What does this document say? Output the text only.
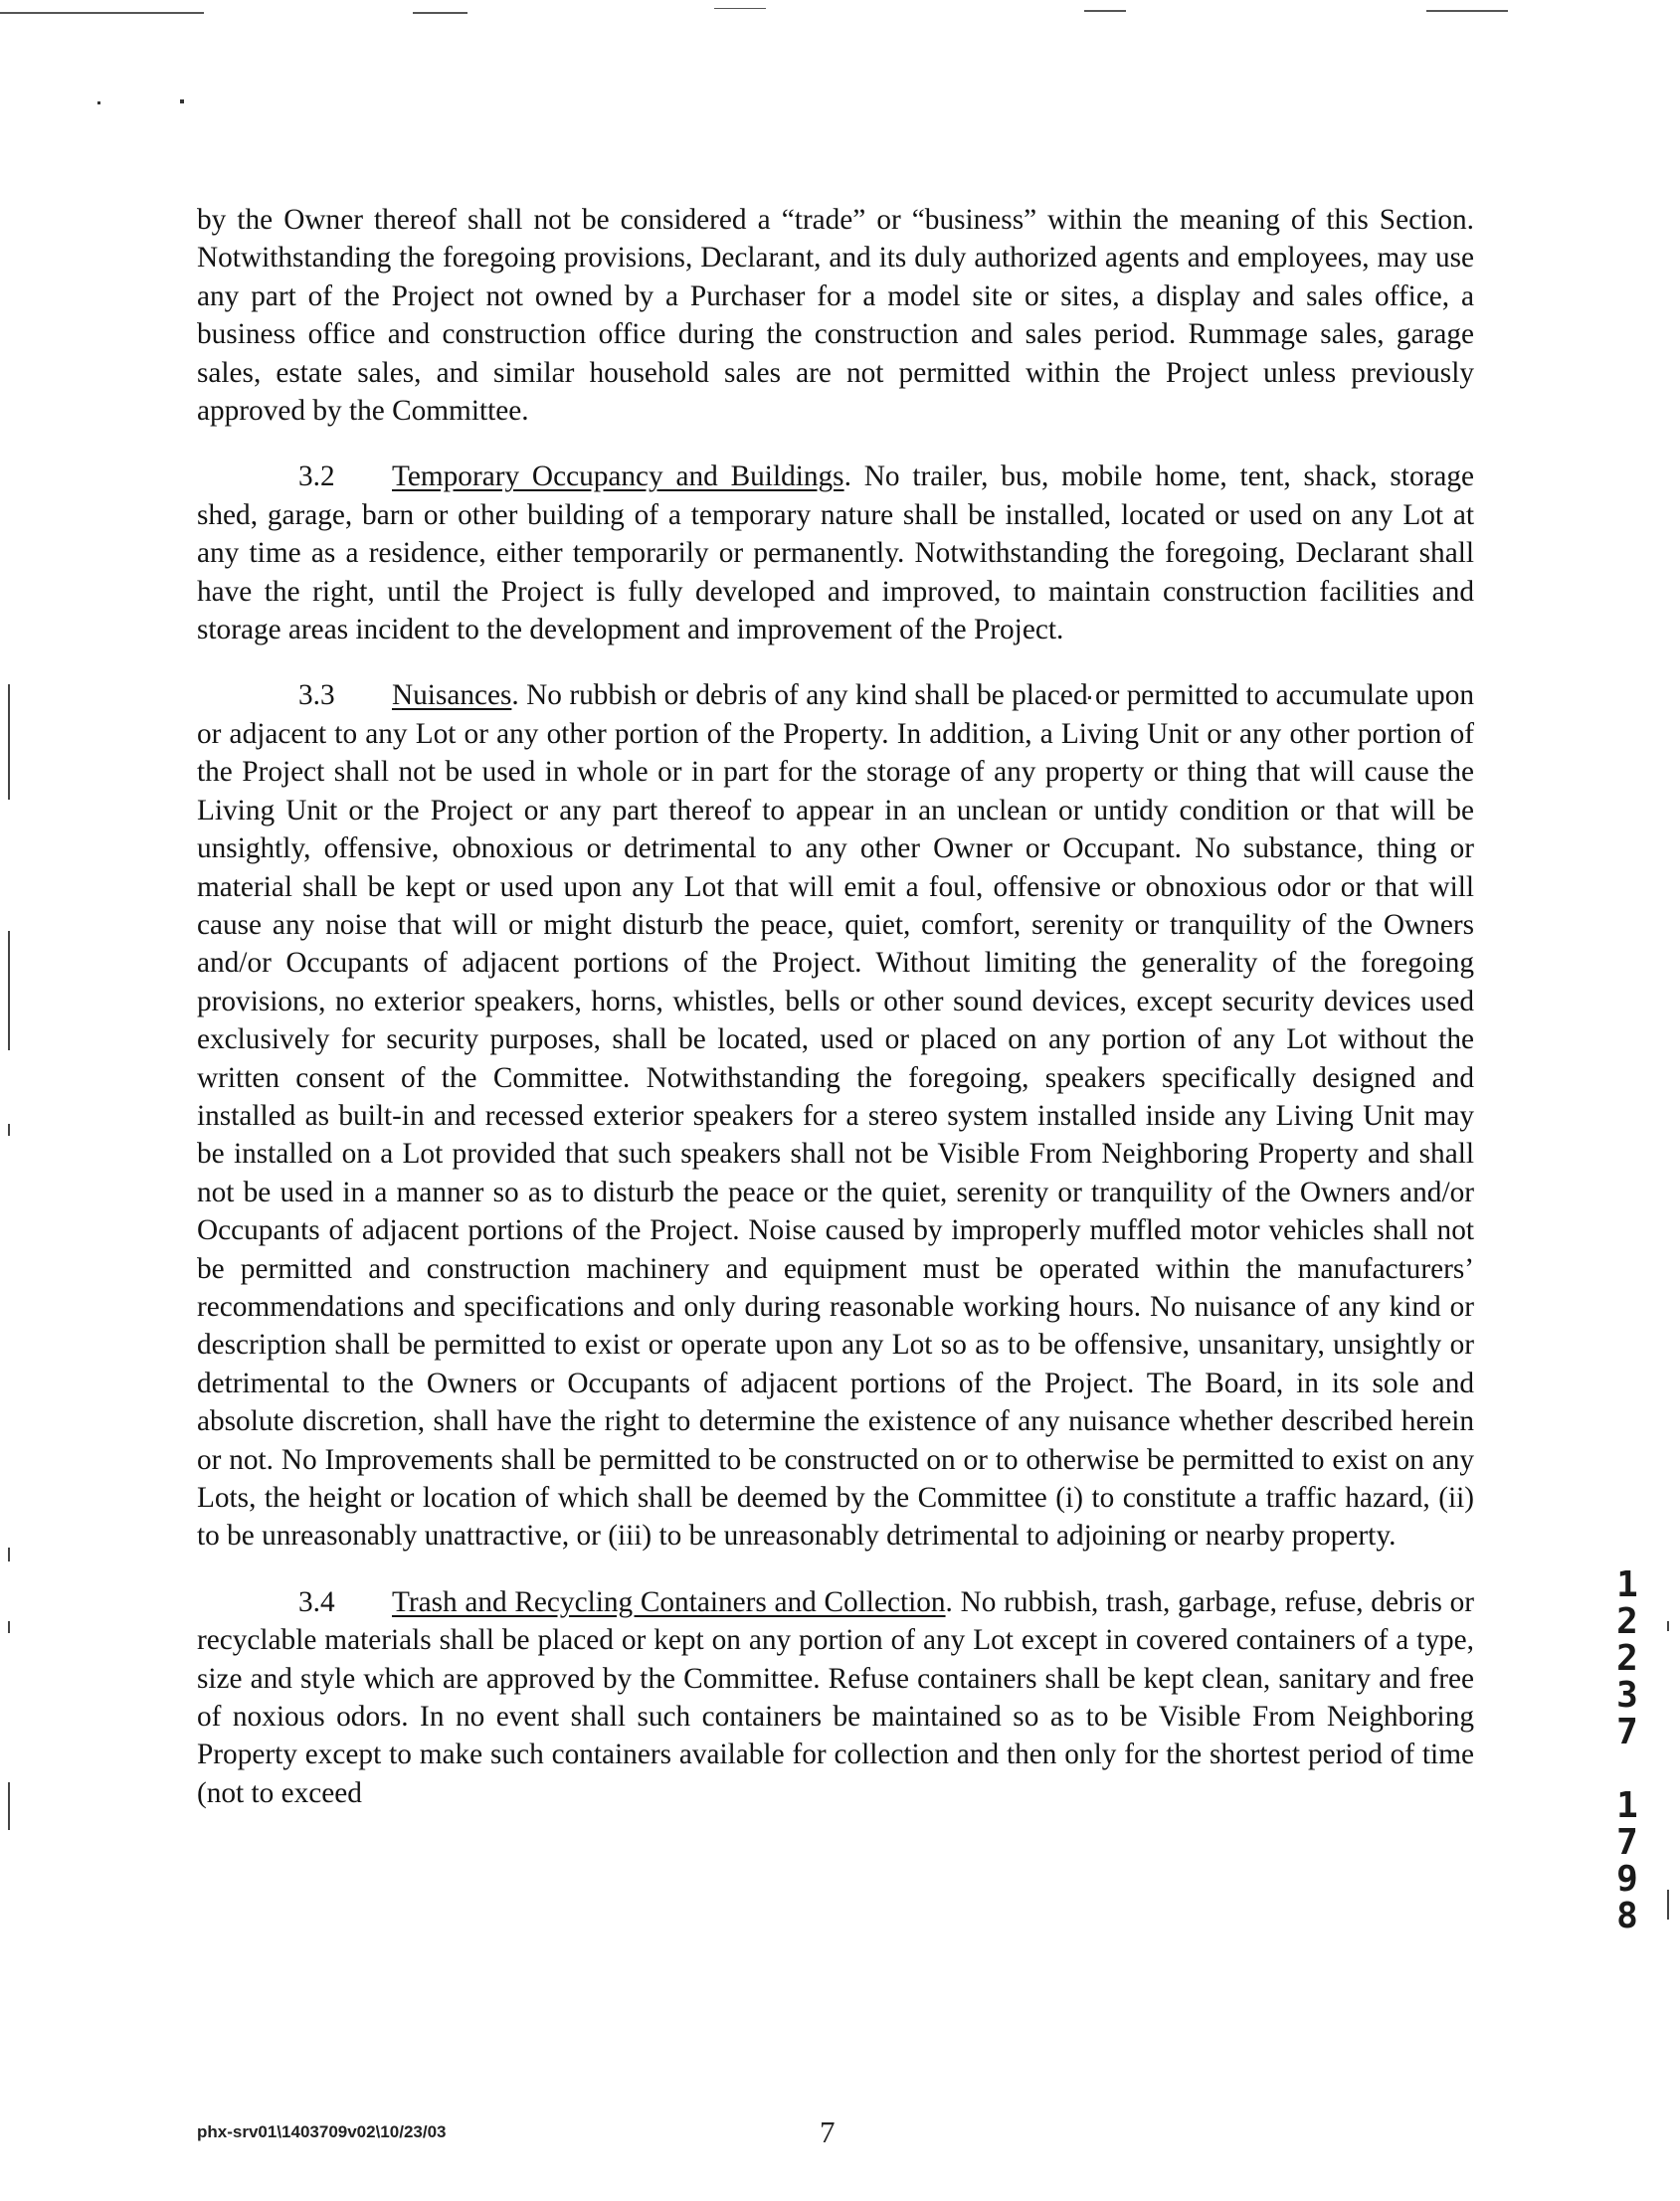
by the Owner thereof shall not be considered a “trade” or “business” within the meaning of this Section. Notwithstanding the foregoing provisions, Declarant, and its duly authorized agents and employees, may use any part of the Project not owned by a Purchaser for a model site or sites, a display and sales office, a business office and construction office during the construction and sales period. Rummage sales, garage sales, estate sales, and similar household sales are not permitted within the Project unless previously approved by the Committee.

3.2 Temporary Occupancy and Buildings. No trailer, bus, mobile home, tent, shack, storage shed, garage, barn or other building of a temporary nature shall be installed, located or used on any Lot at any time as a residence, either temporarily or permanently. Notwithstanding the foregoing, Declarant shall have the right, until the Project is fully developed and improved, to maintain construction facilities and storage areas incident to the development and improvement of the Project.

3.3 Nuisances. No rubbish or debris of any kind shall be placed or permitted to accumulate upon or adjacent to any Lot or any other portion of the Property. In addition, a Living Unit or any other portion of the Project shall not be used in whole or in part for the storage of any property or thing that will cause the Living Unit or the Project or any part thereof to appear in an unclean or untidy condition or that will be unsightly, offensive, obnoxious or detrimental to any other Owner or Occupant. No substance, thing or material shall be kept or used upon any Lot that will emit a foul, offensive or obnoxious odor or that will cause any noise that will or might disturb the peace, quiet, comfort, serenity or tranquility of the Owners and/or Occupants of adjacent portions of the Project. Without limiting the generality of the foregoing provisions, no exterior speakers, horns, whistles, bells or other sound devices, except security devices used exclusively for security purposes, shall be located, used or placed on any portion of any Lot without the written consent of the Committee. Notwithstanding the foregoing, speakers specifically designed and installed as built-in and recessed exterior speakers for a stereo system installed inside any Living Unit may be installed on a Lot provided that such speakers shall not be Visible From Neighboring Property and shall not be used in a manner so as to disturb the peace or the quiet, serenity or tranquility of the Owners and/or Occupants of adjacent portions of the Project. Noise caused by improperly muffled motor vehicles shall not be permitted and construction machinery and equipment must be operated within the manufacturers’ recommendations and specifications and only during reasonable working hours. No nuisance of any kind or description shall be permitted to exist or operate upon any Lot so as to be offensive, unsanitary, unsightly or detrimental to the Owners or Occupants of adjacent portions of the Project. The Board, in its sole and absolute discretion, shall have the right to determine the existence of any nuisance whether described herein or not. No Improvements shall be permitted to be constructed on or to otherwise be permitted to exist on any Lots, the height or location of which shall be deemed by the Committee (i) to constitute a traffic hazard, (ii) to be unreasonably unattractive, or (iii) to be unreasonably detrimental to adjoining or nearby property.

3.4 Trash and Recycling Containers and Collection. No rubbish, trash, garbage, refuse, debris or recyclable materials shall be placed or kept on any portion of any Lot except in covered containers of a type, size and style which are approved by the Committee. Refuse containers shall be kept clean, sanitary and free of noxious odors. In no event shall such containers be maintained so as to be Visible From Neighboring Property except to make such containers available for collection and then only for the shortest period of time (not to exceed

phx-srv01\1403709v02\10/23/03	7
1
2
2
3
7
1
7
9
8
